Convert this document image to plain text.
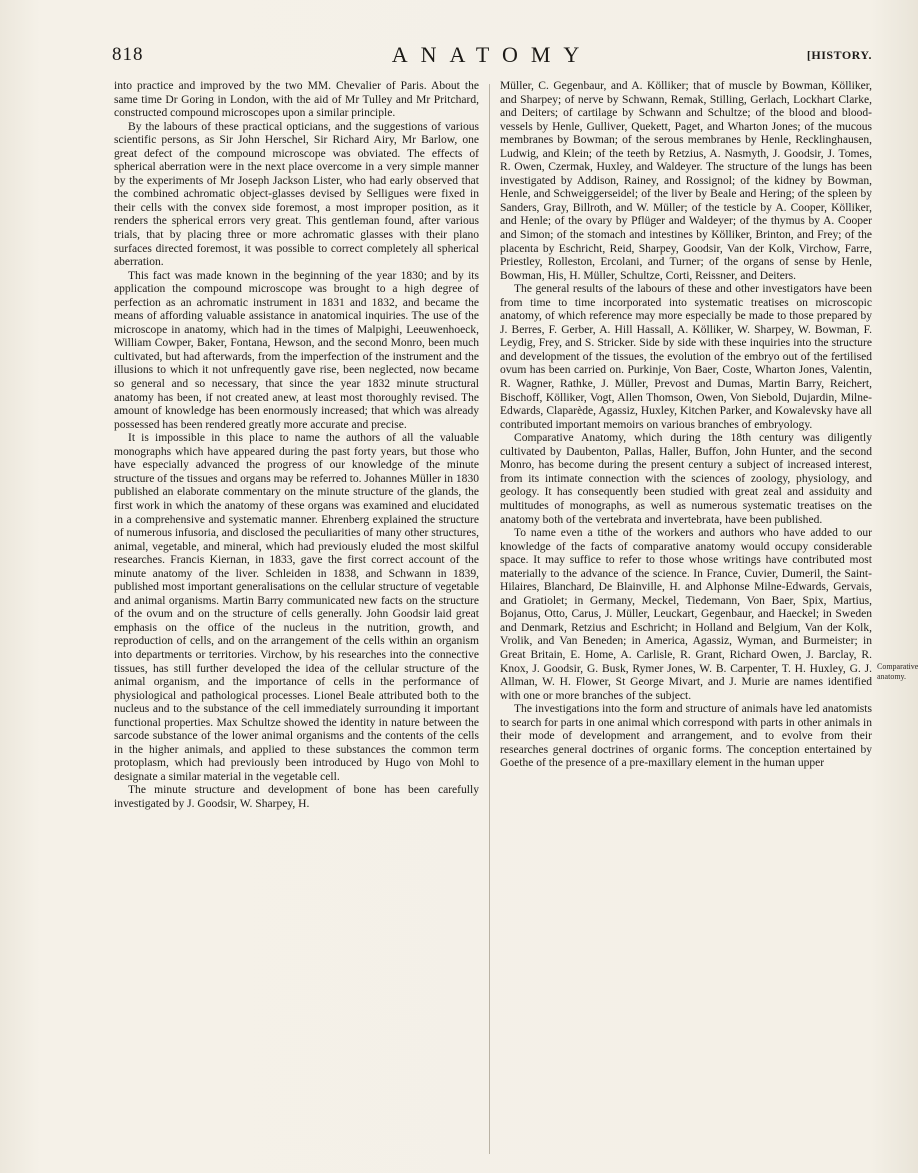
818	ANATOMY	[HISTORY.

into practice and improved by the two MM. Chevalier of Paris. About the same time Dr Goring in London, with the aid of Mr Tulley and Mr Pritchard, constructed compound microscopes upon a similar principle.

By the labours of these practical opticians, and the suggestions of various scientific persons, as Sir John Herschel, Sir Richard Airy, Mr Barlow, one great defect of the compound microscope was obviated. The effects of spherical aberration were in the next place overcome in a very simple manner by the experiments of Mr Joseph Jackson Lister, who had early observed that the combined achromatic object-glasses devised by Selligues were fixed in their cells with the convex side foremost, a most improper position, as it renders the spherical errors very great. This gentleman found, after various trials, that by placing three or more achromatic glasses with their plano surfaces directed foremost, it was possible to correct completely all spherical aberration.

This fact was made known in the beginning of the year 1830; and by its application the compound microscope was brought to a high degree of perfection as an achromatic instrument in 1831 and 1832, and became the means of affording valuable assistance in anatomical inquiries. The use of the microscope in anatomy, which had in the times of Malpighi, Leeuwenhoeck, William Cowper, Baker, Fontana, Hewson, and the second Monro, been much cultivated, but had afterwards, from the imperfection of the instrument and the illusions to which it not unfrequently gave rise, been neglected, now became so general and so necessary, that since the year 1832 minute structural anatomy has been, if not created anew, at least most thoroughly revised. The amount of knowledge has been enormously increased; that which was already possessed has been rendered greatly more accurate and precise.

It is impossible in this place to name the authors of all the valuable monographs which have appeared during the past forty years, but those who have especially advanced the progress of our knowledge of the minute structure of the tissues and organs may be referred to. Johannes Müller in 1830 published an elaborate commentary on the minute structure of the glands, the first work in which the anatomy of these organs was examined and elucidated in a comprehensive and systematic manner. Ehrenberg explained the structure of numerous infusoria, and disclosed the peculiarities of many other structures, animal, vegetable, and mineral, which had previously eluded the most skilful researches. Francis Kiernan, in 1833, gave the first correct account of the minute anatomy of the liver. Schleiden in 1838, and Schwann in 1839, published most important generalisations on the cellular structure of vegetable and animal organisms. Martin Barry communicated new facts on the structure of the ovum and on the structure of cells generally. John Goodsir laid great emphasis on the office of the nucleus in the nutrition, growth, and reproduction of cells, and on the arrangement of the cells within an organism into departments or territories. Virchow, by his researches into the connective tissues, has still further developed the idea of the cellular structure of the animal organism, and the importance of cells in the performance of physiological and pathological processes. Lionel Beale attributed both to the nucleus and to the substance of the cell immediately surrounding it important functional properties. Max Schultze showed the identity in nature between the sarcode substance of the lower animal organisms and the contents of the cells in the higher animals, and applied to these substances the common term protoplasm, which had previously been introduced by Hugo von Mohl to designate a similar material in the vegetable cell.

The minute structure and development of bone has been carefully investigated by J. Goodsir, W. Sharpey, H.

Müller, C. Gegenbaur, and A. Kölliker; that of muscle by Bowman, Kölliker, and Sharpey; of nerve by Schwann, Remak, Stilling, Gerlach, Lockhart Clarke, and Deiters; of cartilage by Schwann and Schultze; of the blood and blood-vessels by Henle, Gulliver, Quekett, Paget, and Wharton Jones; of the mucous membranes by Bowman; of the serous membranes by Henle, Recklinghausen, Ludwig, and Klein; of the teeth by Retzius, A. Nasmyth, J. Goodsir, J. Tomes, R. Owen, Czermak, Huxley, and Waldeyer. The structure of the lungs has been investigated by Addison, Rainey, and Rossignol; of the kidney by Bowman, Henle, and Schweiggerseidel; of the liver by Beale and Hering; of the spleen by Sanders, Gray, Billroth, and W. Müller; of the testicle by A. Cooper, Kölliker, and Henle; of the ovary by Pflüger and Waldeyer; of the thymus by A. Cooper and Simon; of the stomach and intestines by Kölliker, Brinton, and Frey; of the placenta by Eschricht, Reid, Sharpey, Goodsir, Van der Kolk, Virchow, Farre, Priestley, Rolleston, Ercolani, and Turner; of the organs of sense by Henle, Bowman, His, H. Müller, Schultze, Corti, Reissner, and Deiters.

The general results of the labours of these and other investigators have been from time to time incorporated into systematic treatises on microscopic anatomy, of which reference may more especially be made to those prepared by J. Berres, F. Gerber, A. Hill Hassall, A. Kölliker, W. Sharpey, W. Bowman, F. Leydig, Frey, and S. Stricker. Side by side with these inquiries into the structure and development of the tissues, the evolution of the embryo out of the fertilised ovum has been carried on. Purkinje, Von Baer, Coste, Wharton Jones, Valentin, R. Wagner, Rathke, J. Müller, Prevost and Dumas, Martin Barry, Reichert, Bischoff, Kölliker, Vogt, Allen Thomson, Owen, Von Siebold, Dujardin, Milne-Edwards, Claparède, Agassiz, Huxley, Kitchen Parker, and Kowalevsky have all contributed important memoirs on various branches of embryology.

Comparative Anatomy, which during the 18th century was diligently cultivated by Daubenton, Pallas, Haller, Buffon, John Hunter, and the second Monro, has become during the present century a subject of increased interest, from its intimate connection with the sciences of zoology, physiology, and geology. It has consequently been studied with great zeal and assiduity and multitudes of monographs, as well as numerous systematic treatises on the anatomy both of the vertebrata and invertebrata, have been published.

To name even a tithe of the workers and authors who have added to our knowledge of the facts of comparative anatomy would occupy considerable space. It may suffice to refer to those whose writings have contributed most materially to the advance of the science. In France, Cuvier, Dumeril, the Saint-Hilaires, Blanchard, De Blainville, H. and Alphonse Milne-Edwards, Gervais, and Gratiolet; in Germany, Meckel, Tiedemann, Von Baer, Spix, Martius, Bojanus, Otto, Carus, J. Müller, Leuckart, Gegenbaur, and Haeckel; in Sweden and Denmark, Retzius and Eschricht; in Holland and Belgium, Van der Kolk, Vrolik, and Van Beneden; in America, Agassiz, Wyman, and Burmeister; in Great Britain, E. Home, A. Carlisle, R. Grant, Richard Owen, J. Barclay, R. Knox, J. Goodsir, G. Busk, Rymer Jones, W. B. Carpenter, T. H. Huxley, G. J. Allman, W. H. Flower, St George Mivart, and J. Murie are names identified with one or more branches of the subject.

The investigations into the form and structure of animals have led anatomists to search for parts in one animal which correspond with parts in other animals in their mode of development and arrangement, and to evolve from their researches general doctrines of organic forms. The conception entertained by Goethe of the presence of a pre-maxillary element in the human upper

Comparative anatomy.
